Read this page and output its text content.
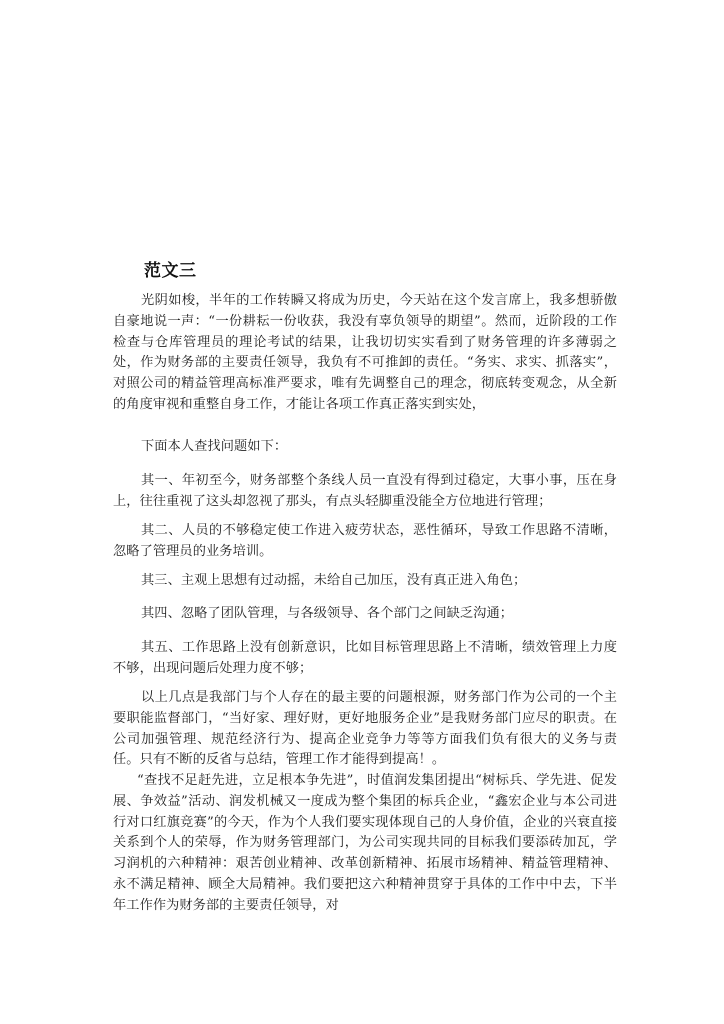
范文三

光阴如梭，半年的工作转瞬又将成为历史，今天站在这个发言席上，我多想骄傲自豪地说一声：“一份耕耘一份收获，我没有辜负领导的期望”。然而，近阶段的工作检查与仓库管理员的理论考试的结果，让我切切实实看到了财务管理的许多薄弱之处，作为财务部的主要责任领导，我负有不可推卸的责任。“务实、求实、抓落实”，对照公司的精益管理高标准严要求，唯有先调整自己的理念，彻底转变观念，从全新的角度审视和重整自身工作，才能让各项工作真正落实到实处，

下面本人查找问题如下：

其一、年初至今，财务部整个条线人员一直没有得到过稳定，大事小事，压在身上，往往重视了这头却忽视了那头，有点头轻脚重没能全方位地进行管理；

其二、人员的不够稳定使工作进入疲劳状态，恶性循环，导致工作思路不清晰，忽略了管理员的业务培训。

其三、主观上思想有过动摇，未给自己加压，没有真正进入角色；

其四、忽略了团队管理，与各级领导、各个部门之间缺乏沟通；

其五、工作思路上没有创新意识，比如目标管理思路上不清晰，绩效管理上力度不够，出现问题后处理力度不够；

以上几点是我部门与个人存在的最主要的问题根源，财务部门作为公司的一个主要职能监督部门，“当好家、理好财，更好地服务企业”是我财务部门应尽的职责。在公司加强管理、规范经济行为、提高企业竞争力等等方面我们负有很大的义务与责任。只有不断的反省与总结，管理工作才能得到提高！。

“查找不足赶先进，立足根本争先进”，时值润发集团提出“树标兵、学先进、促发展、争效益”活动、润发机械又一度成为整个集团的标兵企业，“鑫宏企业与本公司进行对口红旗竞赛”的今天，作为个人我们要实现体现自己的人身价值，企业的兴衰直接关系到个人的荣辱，作为财务管理部门，为公司实现共同的目标我们要添砖加瓦，学习润机的六种精神：艰苦创业精神、改革创新精神、拓展市场精神、精益管理精神、永不满足精神、顾全大局精神。我们要把这六种精神贯穿于具体的工作中中去，下半年工作作为财务部的主要责任领导，对
